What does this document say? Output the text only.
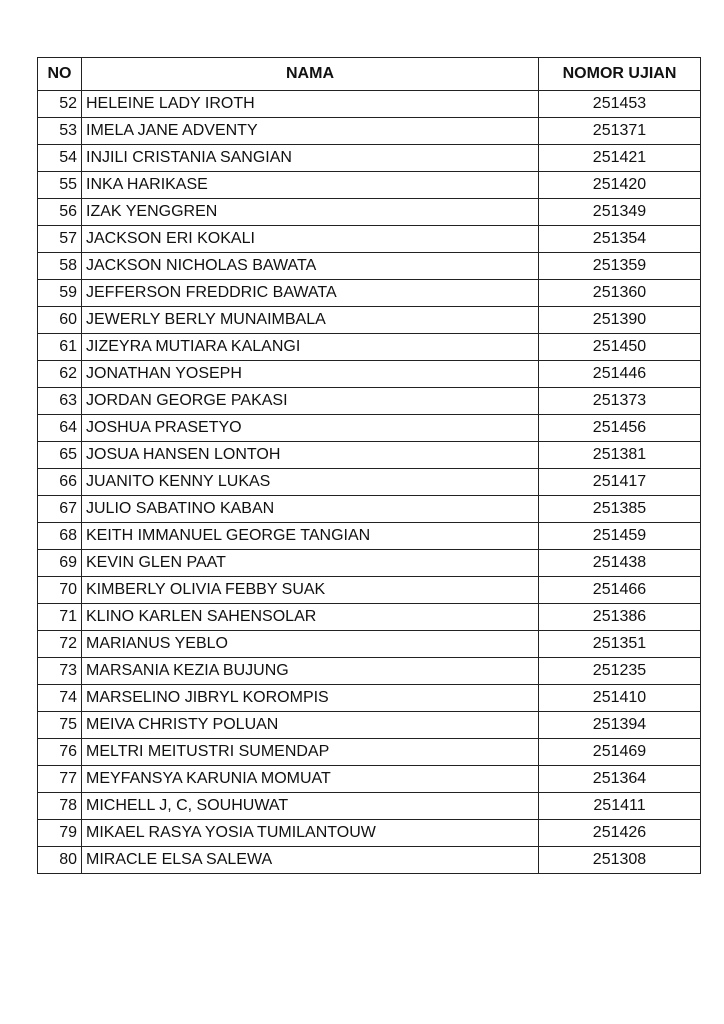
NO	NAMA	NOMOR UJIAN
52	HELEINE LADY IROTH	251453
53	IMELA JANE ADVENTY	251371
54	INJILI CRISTANIA SANGIAN	251421
55	INKA HARIKASE	251420
56	IZAK YENGGREN	251349
57	JACKSON ERI KOKALI	251354
58	JACKSON NICHOLAS BAWATA	251359
59	JEFFERSON FREDDRIC BAWATA	251360
60	JEWERLY BERLY MUNAIMBALA	251390
61	JIZEYRA MUTIARA KALANGI	251450
62	JONATHAN YOSEPH	251446
63	JORDAN GEORGE PAKASI	251373
64	JOSHUA PRASETYO	251456
65	JOSUA HANSEN LONTOH	251381
66	JUANITO KENNY LUKAS	251417
67	JULIO SABATINO KABAN	251385
68	KEITH IMMANUEL GEORGE TANGIAN	251459
69	KEVIN GLEN PAAT	251438
70	KIMBERLY OLIVIA FEBBY SUAK	251466
71	KLINO KARLEN SAHENSOLAR	251386
72	MARIANUS YEBLO	251351
73	MARSANIA KEZIA BUJUNG	251235
74	MARSELINO JIBRYL KOROMPIS	251410
75	MEIVA CHRISTY POLUAN	251394
76	MELTRI MEITUSTRI SUMENDAP	251469
77	MEYFANSYA KARUNIA MOMUAT	251364
78	MICHELL J, C, SOUHUWAT	251411
79	MIKAEL RASYA YOSIA TUMILANTOUW	251426
80	MIRACLE ELSA SALEWA	251308
